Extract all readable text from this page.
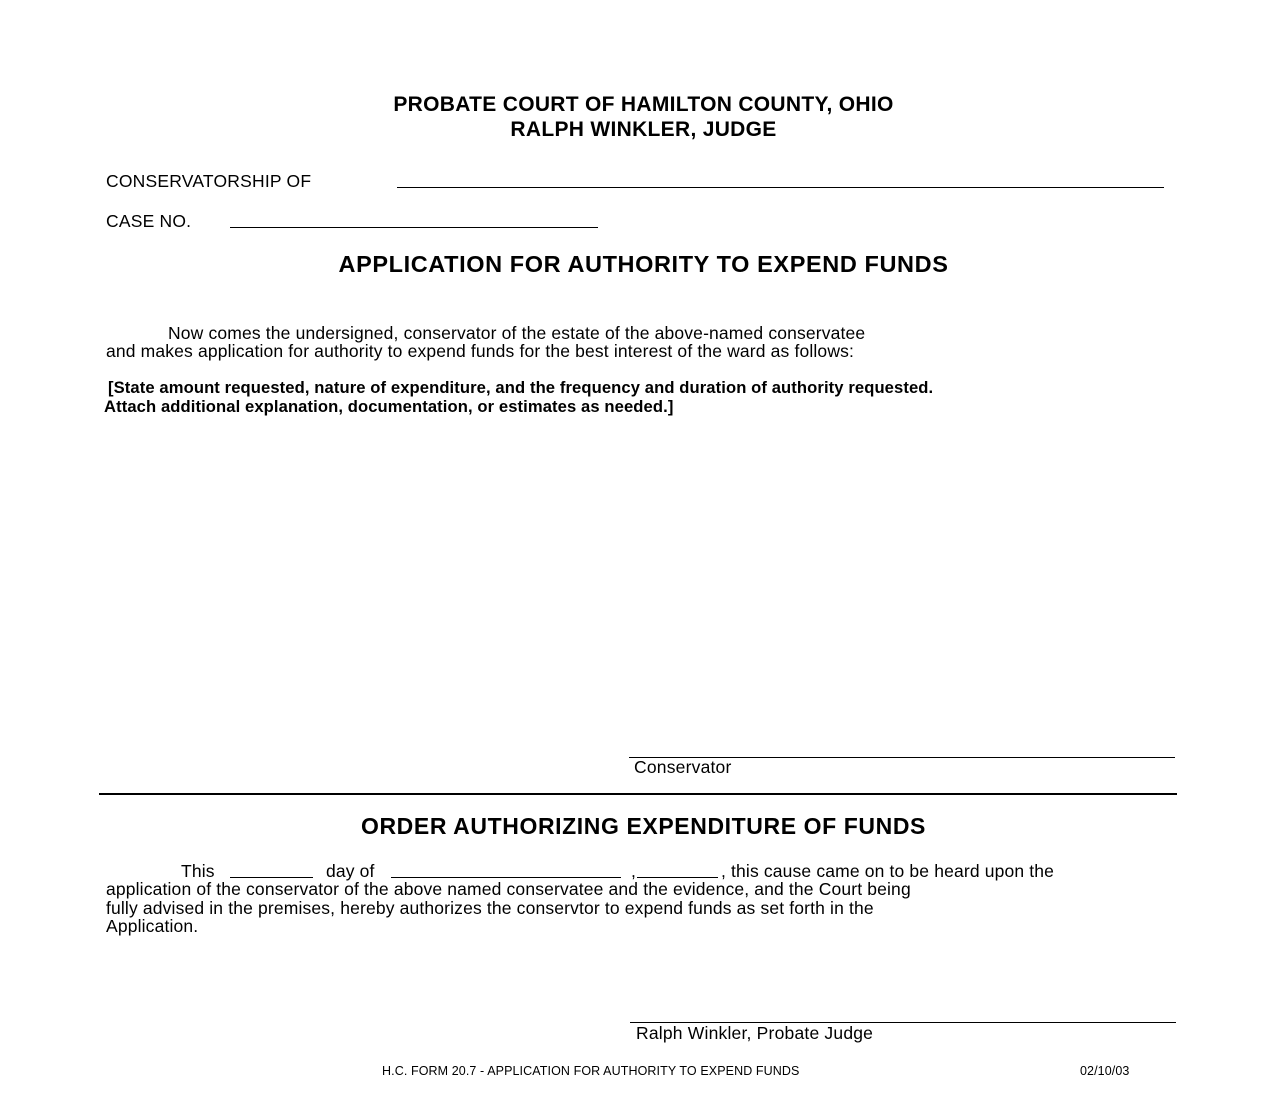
PROBATE COURT OF HAMILTON COUNTY, OHIO
RALPH WINKLER, JUDGE
CONSERVATORSHIP OF
CASE NO.
APPLICATION FOR AUTHORITY TO EXPEND FUNDS
Now comes the undersigned, conservator of the estate of the above-named conservatee
and makes application for authority to expend funds for the best interest of the ward as follows:
[State amount requested, nature of expenditure, and the frequency and duration of authority requested.
Attach additional explanation, documentation, or estimates as needed.]
Conservator
ORDER AUTHORIZING EXPENDITURE OF FUNDS
This	day of	,	, this cause came on to be heard upon the
application of the conservator of the above named conservatee and the evidence, and the Court being
fully advised in the premises, hereby authorizes the conservtor to expend funds as set forth in the
Application.
Ralph Winkler, Probate Judge
H.C. FORM 20.7 - APPLICATION FOR AUTHORITY TO EXPEND FUNDS	02/10/03
